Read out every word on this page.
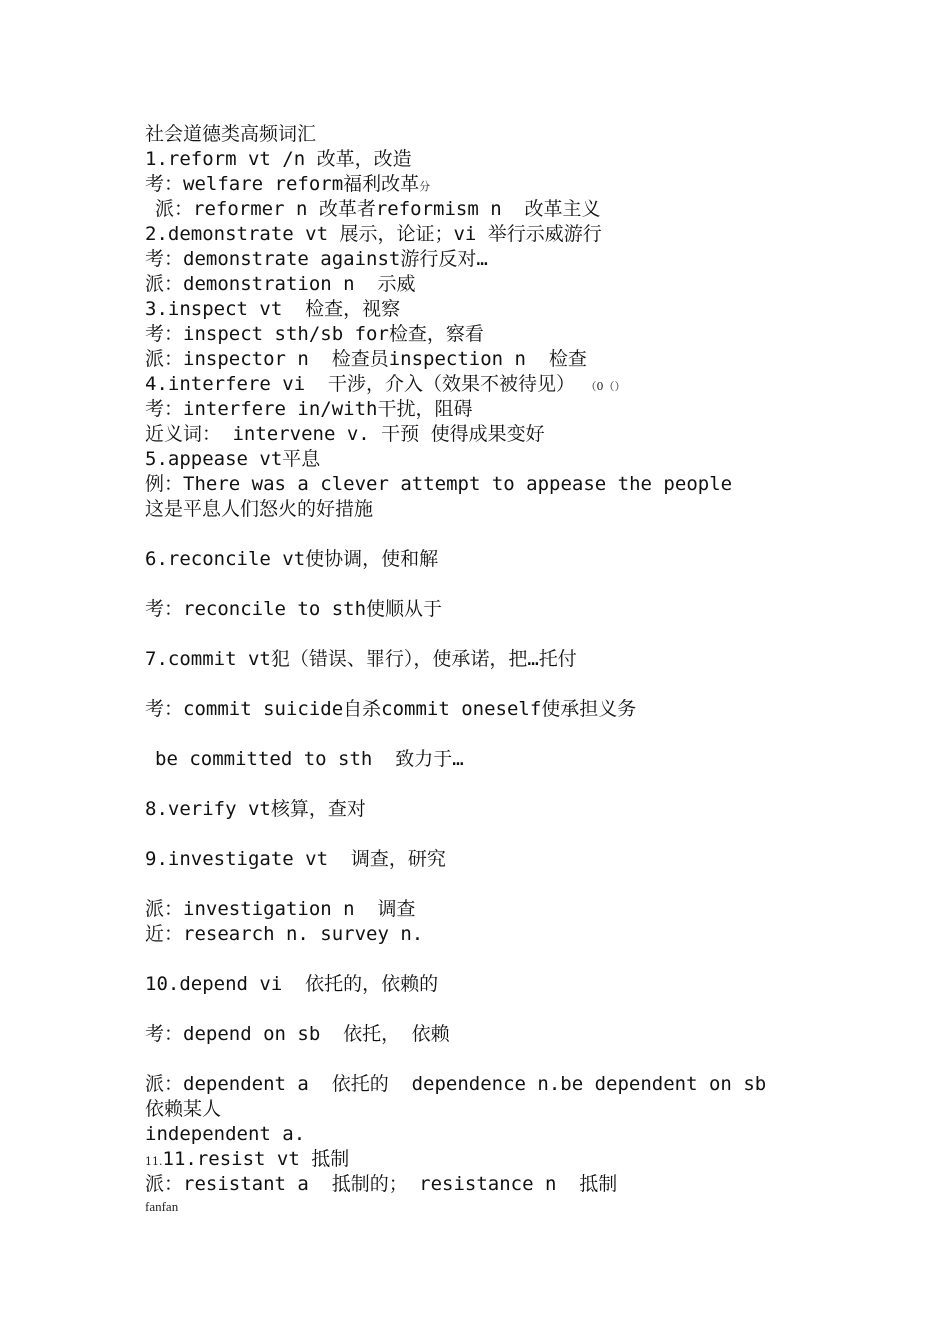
社会道德类高频词汇
1.reform vt /n 改革，改造
考：welfare reform福利改革分
派：reformer n 改革者reformism n  改革主义
2.demonstrate vt 展示，论证；vi 举行示威游行
考：demonstrate against游行反对…
派：demonstration n  示威
3.inspect vt  检查，视察
考：inspect sth/sb for检查，察看
派：inspector n  检查员inspection n  检查
4.interfere vi  干涉，介入（效果不被待见） （0（）
考：interfere in/with干扰，阻碍
近义词： intervene v. 干预 使得成果变好
5.appease vt平息
例：There was a clever attempt to appease the people
这是平息人们怒火的好措施
6.reconcile vt使协调，使和解
考：reconcile to sth使顺从于
7.commit vt犯（错误、罪行），使承诺，把…托付
考：commit suicide自杀commit oneself使承担义务
be committed to sth  致力于…
8.verify vt核算，查对
9.investigate vt  调查，研究
派：investigation n  调查
近：research n. survey n.
10.depend vi  依托的，依赖的
考：depend on sb  依托， 依赖
派：dependent a  依托的  dependence n.be dependent on sb
依赖某人
independent a.
11.11.resist vt 抵制
派：resistant a  抵制的； resistance n  抵制
fanfan
